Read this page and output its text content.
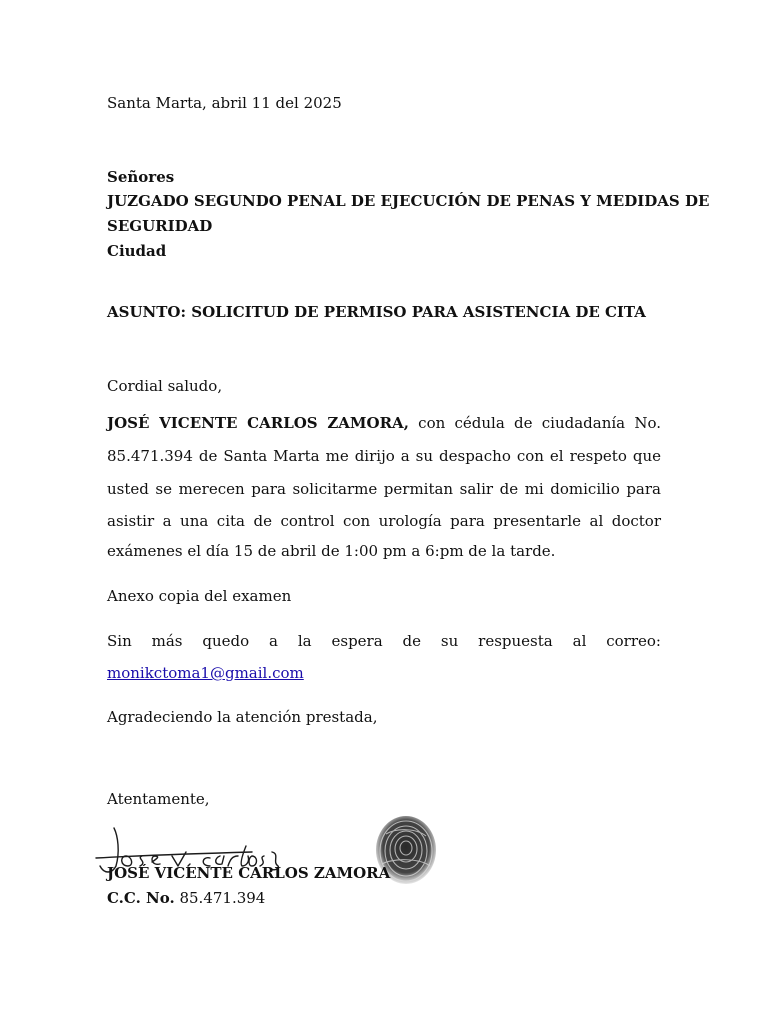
Santa Marta, abril 11 del 2025
Señores
JUZGADO SEGUNDO PENAL DE EJECUCIÓN DE PENAS Y MEDIDAS DE
SEGURIDAD
Ciudad
ASUNTO: SOLICITUD DE PERMISO PARA ASISTENCIA DE CITA
Cordial saludo,
JOSÉ VICENTE CARLOS ZAMORA, con cédula de ciudadanía No.
85.471.394 de Santa Marta me dirijo a su despacho con el respeto que
usted se merecen para solicitarme permitan salir de mi domicilio para
asistir a una cita de control con urología para presentarle al doctor
exámenes el día 15 de abril de 1:00 pm a 6:pm de la tarde.
Anexo copia del examen
Sin más quedo a la espera de su respuesta al correo:
monikctoma1@gmail.com
Agradeciendo la atención prestada,
Atentamente,
JOSÉ VICENTE CARLOS ZAMORA
C.C. No. 85.471.394
